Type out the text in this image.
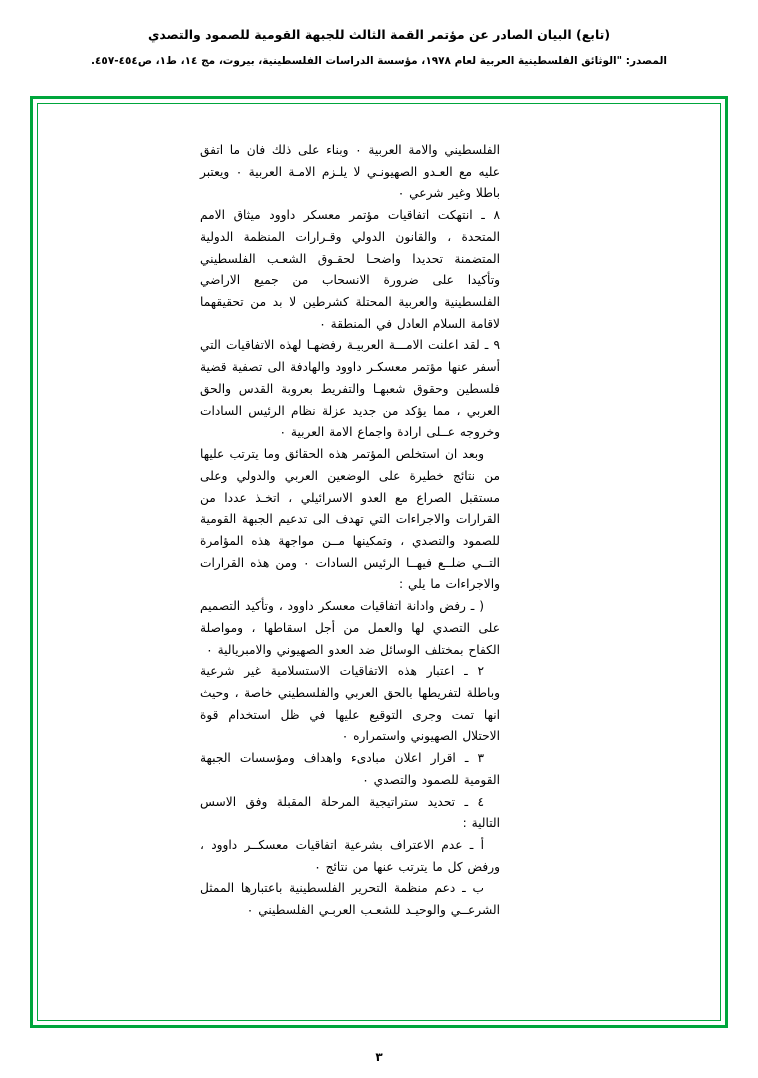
(تابع) البيان الصادر عن مؤتمر القمة الثالث للجبهة القومية للصمود والتصدي
المصدر: "الوثائق الفلسطينية العربية لعام ١٩٧٨، مؤسسة الدراسات الفلسطينية، بيروت، مج ١٤، ط١، ص٤٥٤-٤٥٧.

الفلسطيني والامة العربية ٠ وبناء على ذلك فان ما اتفق عليه مع العـدو الصهيونـي لا يلـزم الامـة العربية ٠ ويعتبر باطلا وغير شرعي ٠

٨ ـ انتهكت اتفاقيات مؤتمر معسكر داوود ميثاق الامم المتحدة ، والقانون الدولي وقـرارات المنظمة الدولية المتضمنة تحديدا واضحـا لحقـوق الشعـب الفلسطيني وتأكيدا على ضرورة الانسحاب من جميع الاراضي الفلسطينية والعربية المحتلة كشرطين لا بد من تحقيقهما لاقامة السلام العادل في المنطقة ٠

٩ ـ لقد اعلنت الامـــة العربيـة رفضهـا لهذه الاتفاقيات التي أسفر عنها مؤتمر معسكـر داوود والهادفة الى تصفية قضية فلسطين وحقوق شعبهـا والتفريط بعروبة القدس والحق العربي ، مما يؤكد من جديد عزلة نظام الرئيس السادات وخروجه عــلى ارادة واجماع الامة العربية ٠

وبعد ان استخلص المؤتمر هذه الحقائق وما يترتب عليها من نتائج خطيرة على الوضعين العربي والدولي وعلى مستقبل الصراع مع العدو الاسرائيلي ، اتخـذ عددا من القرارات والاجراءات التي تهدف الى تدعيم الجبهة القومية للصمود والتصدي ، وتمكينها مــن مواجهة هذه المؤامرة التــي ضلــع فيهــا الرئيس السادات ٠ ومن هذه القرارات والاجراءات ما يلي :

( ـ رفض وادانة اتفاقيات معسكر داوود ، وتأكيد التصميم على التصدي لها والعمل من أجل اسقاطها ، ومواصلة الكفاح بمختلف الوسائل ضد العدو الصهيوني والامبريالية ٠

٢ ـ اعتبار هذه الاتفاقيات الاستسلامية غير شرعية وباطلة لتفريطها بالحق العربي والفلسطيني خاصة ، وحيث انها تمت وجرى التوقيع عليها في ظل استخدام قوة الاحتلال الصهيوني واستمراره ٠

٣ ـ اقرار اعلان مبادىء واهداف ومؤسسات الجبهة القومية للصمود والتصدي ٠

٤ ـ تحديد ستراتيجية المرحلة المقبلة وفق الاسس التالية :

أ ـ عدم الاعتراف بشرعية اتفاقيات معسكــر داوود ، ورفض كل ما يترتب عنها من نتائج ٠

ب ـ دعم منظمة التحرير الفلسطينية باعتبارها الممثل الشرعــي والوحيـد للشعـب العربـي الفلسطيني ٠

٣
